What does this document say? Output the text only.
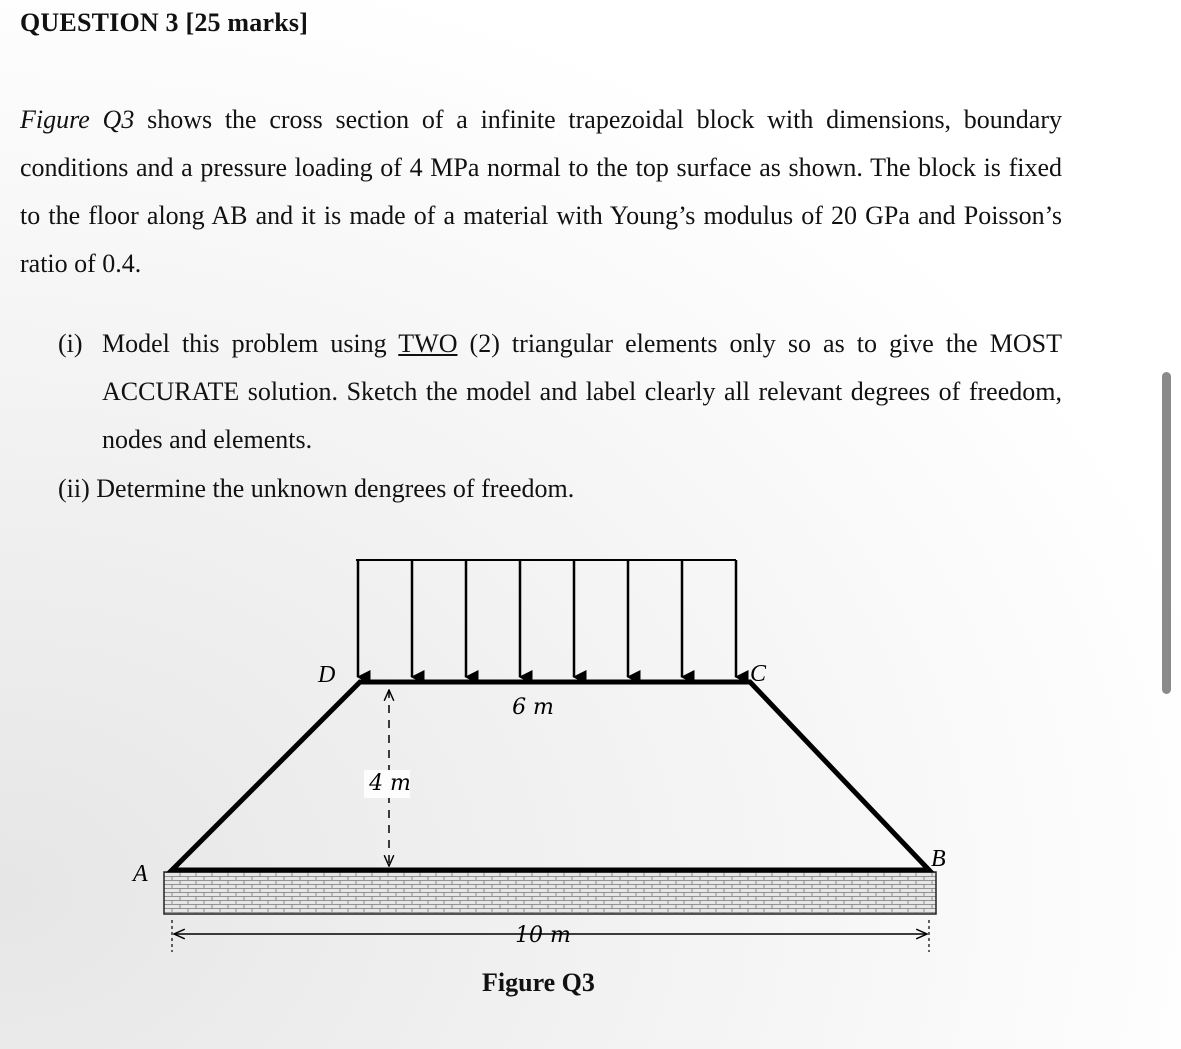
QUESTION 3 [25 marks]
Figure Q3 shows the cross section of a infinite trapezoidal block with dimensions, boundary conditions and a pressure loading of 4 MPa normal to the top surface as shown. The block is fixed to the floor along AB and it is made of a material with Young’s modulus of 20 GPa and Poisson’s ratio of 0.4.
(i) Model this problem using TWO (2) triangular elements only so as to give the MOST ACCURATE solution. Sketch the model and label clearly all relevant degrees of freedom, nodes and elements.
(ii) Determine the unknown dengrees of freedom.
D	C
A
B
6 m
4 m
10 m
Figure Q3
